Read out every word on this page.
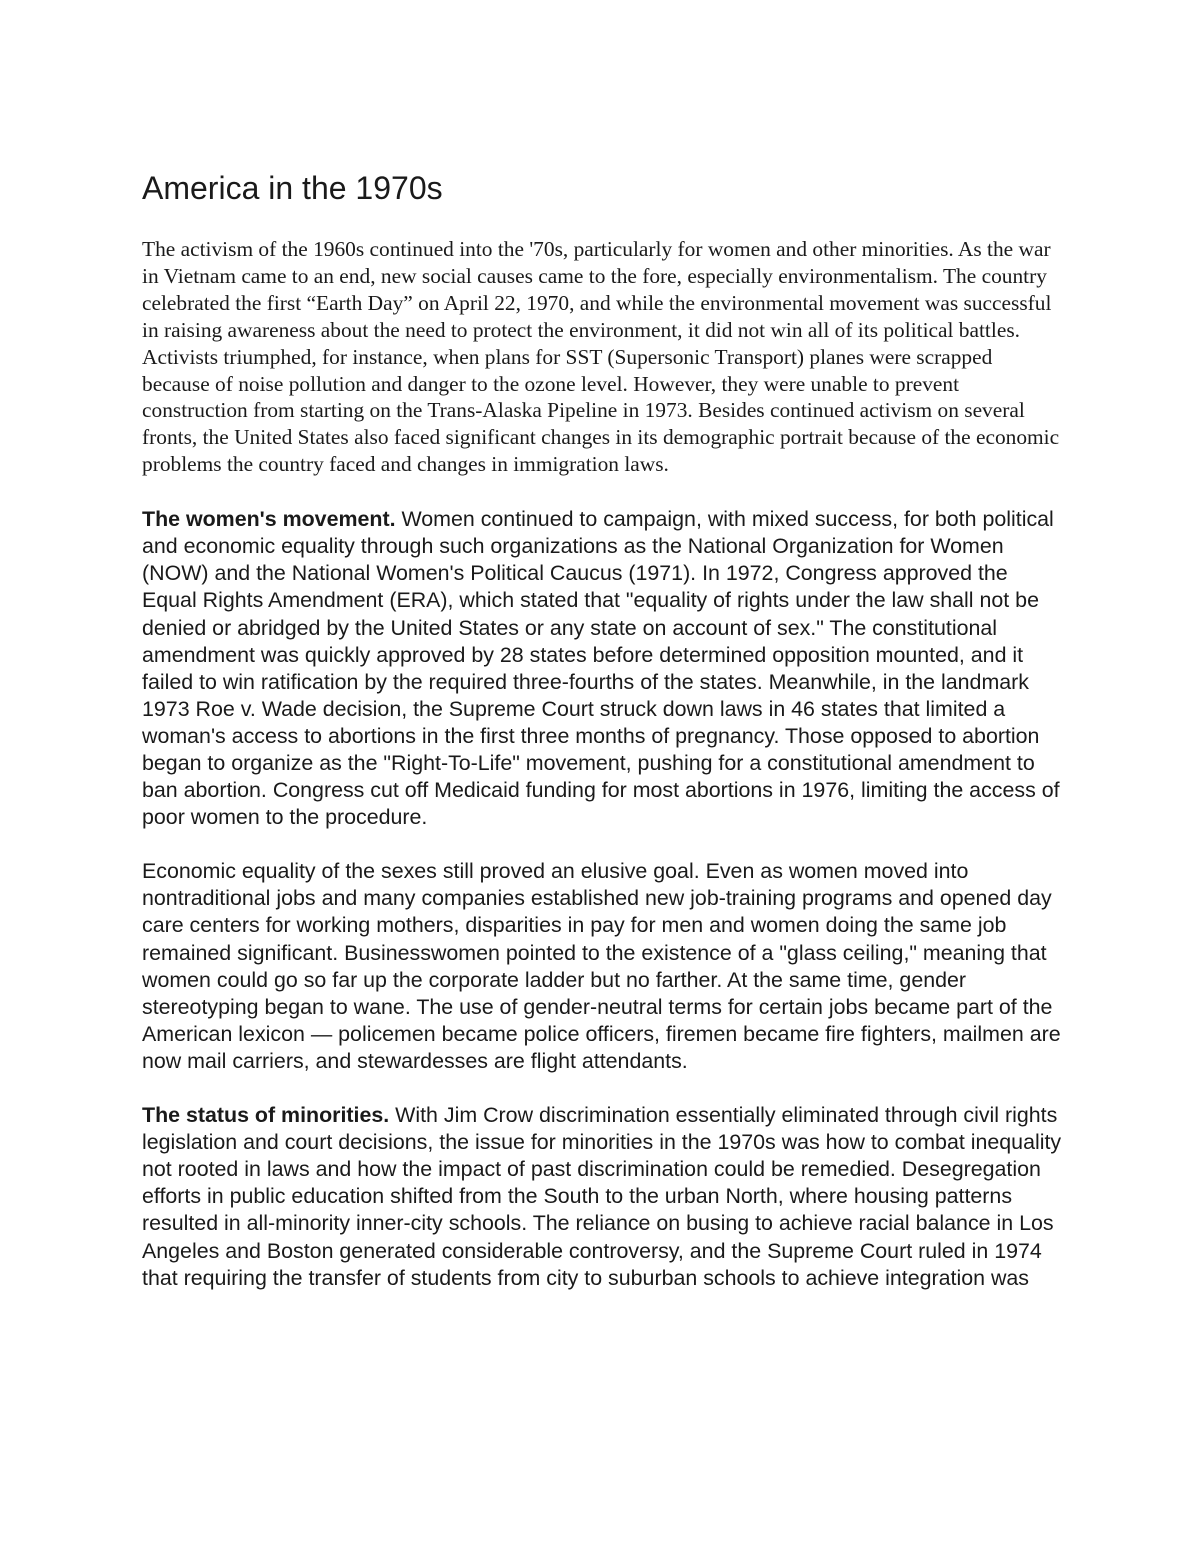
America in the 1970s

The activism of the 1960s continued into the '70s, particularly for women and other minorities. As the war in Vietnam came to an end, new social causes came to the fore, especially environmentalism. The country celebrated the first “Earth Day” on April 22, 1970, and while the environmental movement was successful in raising awareness about the need to protect the environment, it did not win all of its political battles. Activists triumphed, for instance, when plans for SST (Supersonic Transport) planes were scrapped because of noise pollution and danger to the ozone level. However, they were unable to prevent construction from starting on the Trans-Alaska Pipeline in 1973. Besides continued activism on several fronts, the United States also faced significant changes in its demographic portrait because of the economic problems the country faced and changes in immigration laws.

The women's movement. Women continued to campaign, with mixed success, for both political and economic equality through such organizations as the National Organization for Women (NOW) and the National Women's Political Caucus (1971). In 1972, Congress approved the Equal Rights Amendment (ERA), which stated that "equality of rights under the law shall not be denied or abridged by the United States or any state on account of sex." The constitutional amendment was quickly approved by 28 states before determined opposition mounted, and it failed to win ratification by the required three-fourths of the states. Meanwhile, in the landmark 1973 Roe v. Wade decision, the Supreme Court struck down laws in 46 states that limited a woman's access to abortions in the first three months of pregnancy. Those opposed to abortion began to organize as the "Right-To-Life" movement, pushing for a constitutional amendment to ban abortion. Congress cut off Medicaid funding for most abortions in 1976, limiting the access of poor women to the procedure.

Economic equality of the sexes still proved an elusive goal. Even as women moved into nontraditional jobs and many companies established new job-training programs and opened day care centers for working mothers, disparities in pay for men and women doing the same job remained significant. Businesswomen pointed to the existence of a "glass ceiling," meaning that women could go so far up the corporate ladder but no farther. At the same time, gender stereotyping began to wane. The use of gender-neutral terms for certain jobs became part of the American lexicon — policemen became police officers, firemen became fire fighters, mailmen are now mail carriers, and stewardesses are flight attendants.

The status of minorities. With Jim Crow discrimination essentially eliminated through civil rights legislation and court decisions, the issue for minorities in the 1970s was how to combat inequality not rooted in laws and how the impact of past discrimination could be remedied. Desegregation efforts in public education shifted from the South to the urban North, where housing patterns resulted in all-minority inner-city schools. The reliance on busing to achieve racial balance in Los Angeles and Boston generated considerable controversy, and the Supreme Court ruled in 1974 that requiring the transfer of students from city to suburban schools to achieve integration was
